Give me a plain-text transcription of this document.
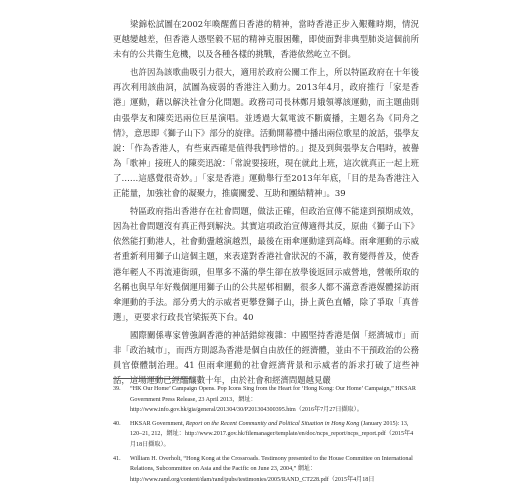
梁錦松試圖在2002年喚醒舊日香港的精神，當時香港正步入艱難時期，情況更越變越差，但香港人憑堅毅不屈的精神克服困難，即使面對非典型肺炎這個前所未有的公共衛生危機，以及各種各樣的挑戰，香港依然屹立不倒。

也許因為該歌曲吸引力很大，適用於政府公關工作上，所以特區政府在十年後再次利用該曲詞，試圖為疲弱的香港注入動力。2013年4月，政府推行「家是香港」運動，藉以解決社會分化問題。政務司司長林鄭月娥領導該運動，而主題曲則由張學友和陳奕迅兩位巨星演唱。並透過大氣電波不斷廣播，主題名為《同舟之情》，意思即《獅子山下》部分的旋律。活動開幕禮中播出兩位歌星的說話，張學友說：「作為香港人，有些東西確是值得我們珍惜的。」提及到與張學友合唱時，被譽為「歌神」接班人的陳奕迅說：「常說要接班，現在就此上班，這次就真正一起上班了……這感覺很奇妙。」「家是香港」運動舉行至2013年年底，「目的是為香港注入正能量，加強社會的凝聚力，推廣關愛、互助和團結精神」。39

特區政府指出香港存在社會問題，做法正確，但政治宣傳不能達到預期成效，因為社會問題沒有真正得到解決。其實這項政治宣傳適得其反，原曲《獅子山下》依然能打動港人，社會動盪越演越烈，最後在雨傘運動達到高峰。雨傘運動的示威者重新利用獅子山這個主題，來表達對香港社會狀況的不滿，教育變得普及，使香港年輕人不再流連街頭，但單多不滿的學生卻在放學後返回示威營地，營帳所取的名稱也與早年好幾個運用獅子山的公共屋邨相關，很多人都不滿意香港媒體採訪雨傘運動的手法。部分勇大的示威者更攀登獅子山，掛上黃色直幡，除了爭取「真普選」，更要求行政長官梁振英下台。40

國際關係專家曾強調香港的神話錯綜複雜：中國堅持香港是個「經濟城市」而非「政治城市」，而西方則認為香港是個自由放任的經濟體，並由不干預政治的公務員官僚體制治理。41 但雨傘運動的社會經濟背景和示威者的訴求打破了這些神話，這場運動已經醞釀數十年，由於社會和經濟問題越見嚴

39.	“HK Our Home’ Campaign Opens. Pop Icons Sing from the Heart for ‘Hong Kong: Our Home’ Campaign,” HKSAR Government Press Release, 23 April 2013，網址：http://www.info.gov.hk/gia/general/201304/30/P201304300395.htm（2016年7月27日擷取）。
40.	HKSAR Government, Report on the Recent Community and Political Situation in Hong Kong (January 2015): 13, 120–21, 212，網址：http://www.2017.gov.hk/filemanager/template/en/doc/ncps_report/ncps_report.pdf（2015年4月18日擷取）。
41.	William H. Overholt, “Hong Kong at the Crossroads. Testimony presented to the House Committee on International Relations, Subcommittee on Asia and the Pacific on June 23, 2004,” 網址：http://www.rand.org/content/dam/rand/pubs/testimonies/2005/RAND_CT228.pdf（2015年4月18日
